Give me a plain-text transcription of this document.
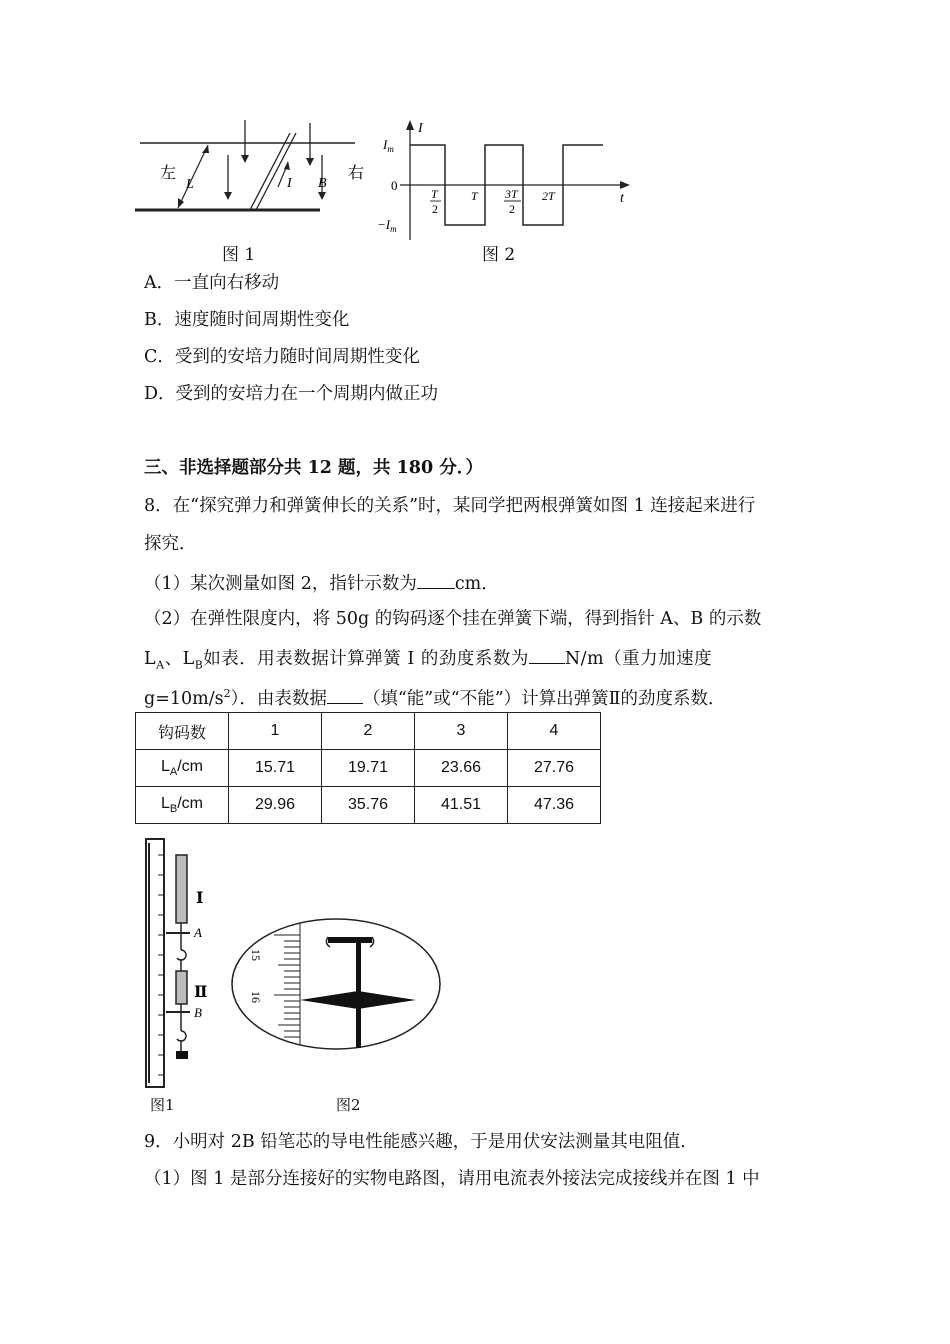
左	右
L	I B
图 1
I
t
0
$I_m$
$-I_m$
T
2
T 3T
2
2T
图 2
A．一直向右移动
B．速度随时间周期性变化
C．受到的安培力随时间周期性变化
D．受到的安培力在一个周期内做正功
三、非选择题部分共 12 题，共 180 分．）
8．在“探究弹力和弹簧伸长的关系”时，某同学把两根弹簧如图 1 连接起来进行
探究．
（1）某次测量如图 2，指针示数为 cm．
（2）在弹性限度内，将 50g 的钩码逐个挂在弹簧下端，得到指针 A、B 的示数
$L_A$、$L_B$如表．用表数据计算弹簧 I 的劲度系数为 N/m（重力加速度
$g=10m/s^2$）．由表数据 （填“能”或“不能”）计算出弹簧Ⅱ的劲度系数．
钩码数	1	2	3	4
$L_A/cm$	15.71	19.71	23.66	27.76
$L_B/cm$	29.96	35.76	41.51	47.36
Ⅰ
A
Ⅱ
B
15
16
图1	图2
9．小明对 2B 铅笔芯的导电性能感兴趣，于是用伏安法测量其电阻值．
（1）图 1 是部分连接好的实物电路图，请用电流表外接法完成接线并在图 1 中
